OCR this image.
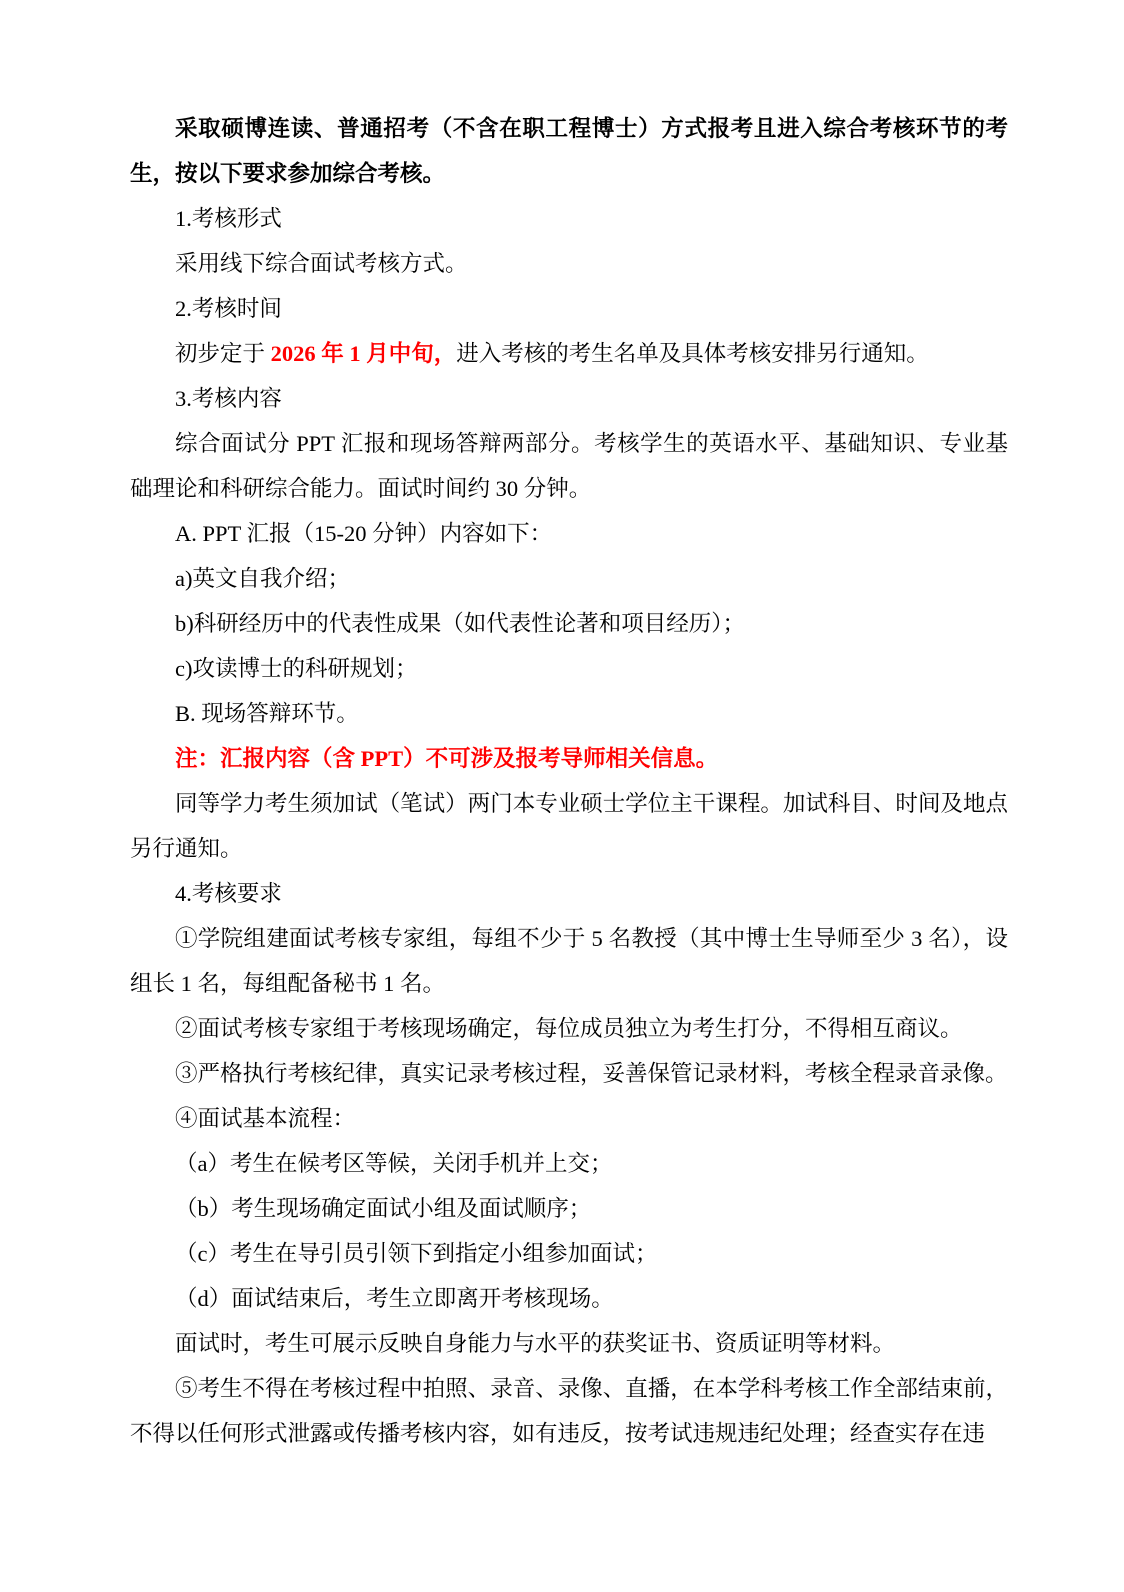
采取硕博连读、普通招考（不含在职工程博士）方式报考且进入综合考核环节的考生，按以下要求参加综合考核。

1.考核形式

采用线下综合面试考核方式。

2.考核时间

初步定于 2026 年 1 月中旬，进入考核的考生名单及具体考核安排另行通知。

3.考核内容

综合面试分 PPT 汇报和现场答辩两部分。考核学生的英语水平、基础知识、专业基础理论和科研综合能力。面试时间约 30 分钟。

A. PPT 汇报（15-20 分钟）内容如下：

a)英文自我介绍；

b)科研经历中的代表性成果（如代表性论著和项目经历）；

c)攻读博士的科研规划；

B. 现场答辩环节。

注：汇报内容（含 PPT）不可涉及报考导师相关信息。

同等学力考生须加试（笔试）两门本专业硕士学位主干课程。加试科目、时间及地点另行通知。

4.考核要求

①学院组建面试考核专家组，每组不少于 5 名教授（其中博士生导师至少 3 名），设组长 1 名，每组配备秘书 1 名。

②面试考核专家组于考核现场确定，每位成员独立为考生打分，不得相互商议。

③严格执行考核纪律，真实记录考核过程，妥善保管记录材料，考核全程录音录像。

④面试基本流程：

（a）考生在候考区等候，关闭手机并上交；

（b）考生现场确定面试小组及面试顺序；

（c）考生在导引员引领下到指定小组参加面试；

（d）面试结束后，考生立即离开考核现场。

面试时，考生可展示反映自身能力与水平的获奖证书、资质证明等材料。

⑤考生不得在考核过程中拍照、录音、录像、直播，在本学科考核工作全部结束前，不得以任何形式泄露或传播考核内容，如有违反，按考试违规违纪处理；经查实存在违
